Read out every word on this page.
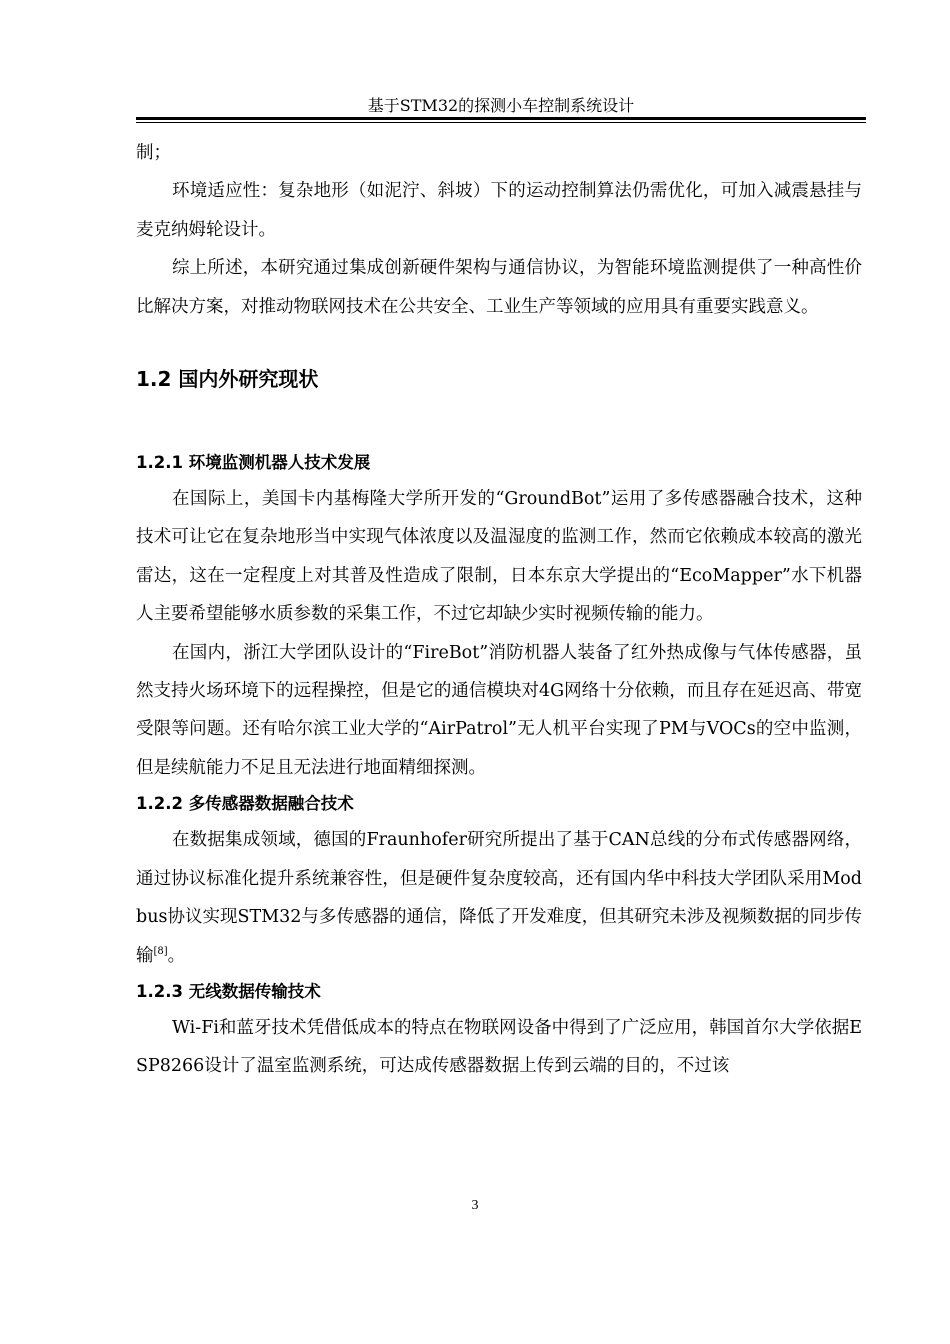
基于STM32的探测小车控制系统设计

制；

环境适应性：复杂地形（如泥泞、斜坡）下的运动控制算法仍需优化，可加入减震悬挂与麦克纳姆轮设计。

综上所述，本研究通过集成创新硬件架构与通信协议，为智能环境监测提供了一种高性价比解决方案，对推动物联网技术在公共安全、工业生产等领域的应用具有重要实践意义。

1.2 国内外研究现状
1.2.1 环境监测机器人技术发展

在国际上，美国卡内基梅隆大学所开发的“GroundBot”运用了多传感器融合技术，这种技术可让它在复杂地形当中实现气体浓度以及温湿度的监测工作，然而它依赖成本较高的激光雷达，这在一定程度上对其普及性造成了限制，日本东京大学提出的“EcoMapper”水下机器人主要希望能够水质参数的采集工作，不过它却缺少实时视频传输的能力。

在国内，浙江大学团队设计的“FireBot”消防机器人装备了红外热成像与气体传感器，虽然支持火场环境下的远程操控，但是它的通信模块对4G网络十分依赖，而且存在延迟高、带宽受限等问题。还有哈尔滨工业大学的“AirPatrol”无人机平台实现了PM与VOCs的空中监测，但是续航能力不足且无法进行地面精细探测。

1.2.2 多传感器数据融合技术

在数据集成领域，德国的Fraunhofer研究所提出了基于CAN总线的分布式传感器网络，通过协议标准化提升系统兼容性，但是硬件复杂度较高，还有国内华中科技大学团队采用Modbus协议实现STM32与多传感器的通信，降低了开发难度，但其研究未涉及视频数据的同步传输[8]。

1.2.3 无线数据传输技术

Wi-Fi和蓝牙技术凭借低成本的特点在物联网设备中得到了广泛应用，韩国首尔大学依据ESP8266设计了温室监测系统，可达成传感器数据上传到云端的目的，不过该

3
